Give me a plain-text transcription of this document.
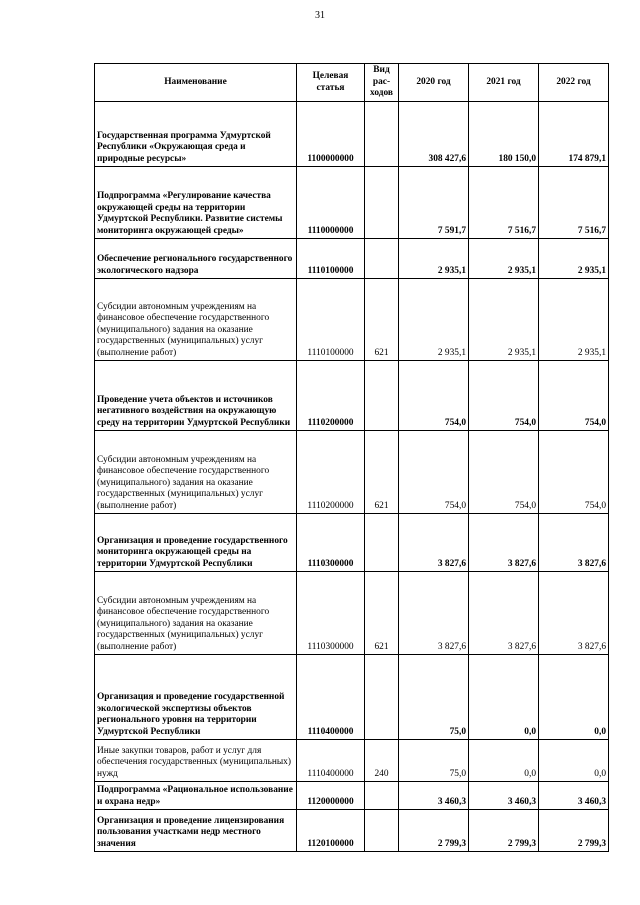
31
Наименование	Целевая статья	Вид рас-ходов	2020 год	2021 год	2022 год
Государственная программа Удмуртской Республики «Окружающая среда и природные ресурсы»	1100000000		308 427,6	180 150,0	174 879,1
Подпрограмма «Регулирование качества окружающей среды на территории Удмуртской Республики. Развитие системы мониторинга окружающей среды»	1110000000		7 591,7	7 516,7	7 516,7
Обеспечение регионального государственного экологического надзора	1110100000		2 935,1	2 935,1	2 935,1
Субсидии автономным учреждениям на финансовое обеспечение государственного (муниципального) задания на оказание государственных (муниципальных) услуг (выполнение работ)	1110100000	621	2 935,1	2 935,1	2 935,1
Проведение учета объектов и источников негативного воздействия на окружающую среду на территории Удмуртской Республики	1110200000		754,0	754,0	754,0
Субсидии автономным учреждениям на финансовое обеспечение государственного (муниципального) задания на оказание государственных (муниципальных) услуг (выполнение работ)	1110200000	621	754,0	754,0	754,0
Организация и проведение государственного мониторинга окружающей среды на территории Удмуртской Республики	1110300000		3 827,6	3 827,6	3 827,6
Субсидии автономным учреждениям на финансовое обеспечение государственного (муниципального) задания на оказание государственных (муниципальных) услуг (выполнение работ)	1110300000	621	3 827,6	3 827,6	3 827,6
Организация и проведение государственной экологической экспертизы объектов регионального уровня на территории Удмуртской Республики	1110400000		75,0	0,0	0,0
Иные закупки товаров, работ и услуг для обеспечения государственных (муниципальных) нужд	1110400000	240	75,0	0,0	0,0
Подпрограмма «Рациональное использование и охрана недр»	1120000000		3 460,3	3 460,3	3 460,3
Организация и проведение лицензирования пользования участками недр местного значения	1120100000		2 799,3	2 799,3	2 799,3
